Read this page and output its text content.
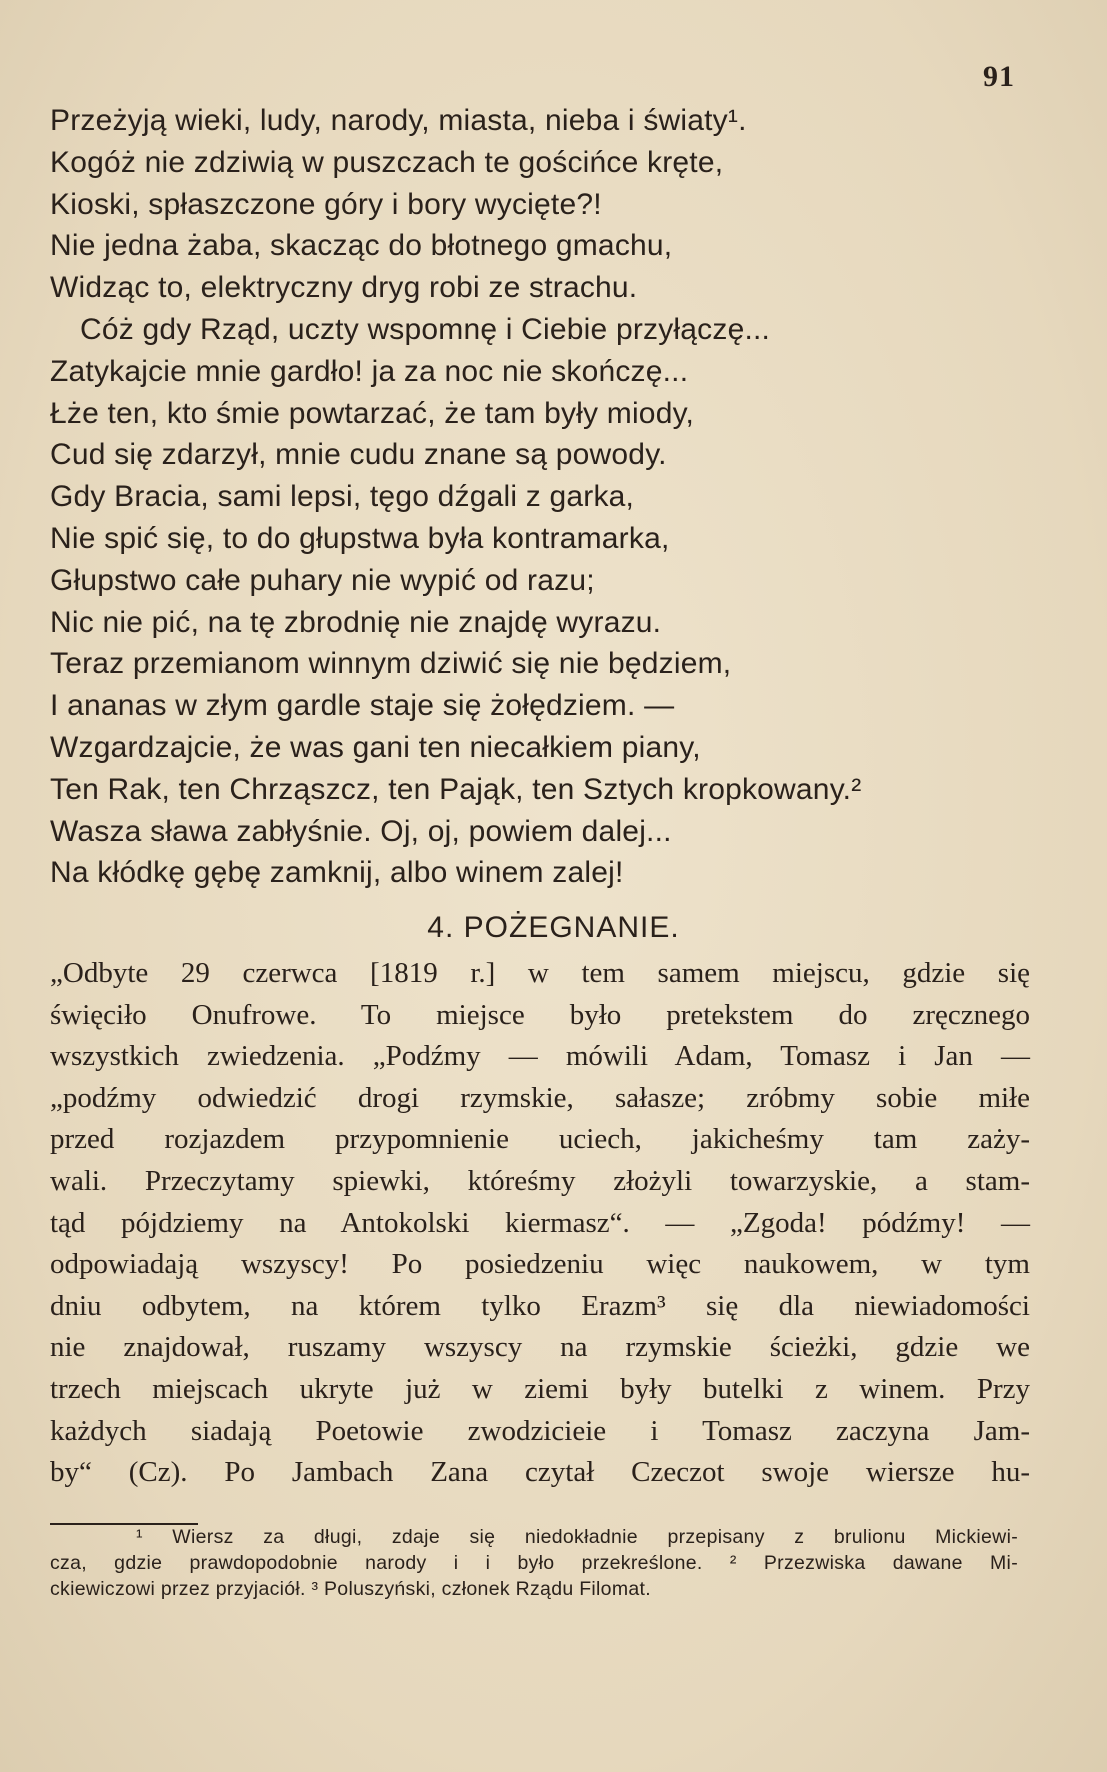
91
Przeżyją wieki, ludy, narody, miasta, nieba i światy¹.
Kogóż nie zdziwią w puszczach te gościńce kręte,
Kioski, spłaszczone góry i bory wycięte?!
Nie jedna żaba, skacząc do błotnego gmachu,
Widząc to, elektryczny dryg robi ze strachu.
Cóż gdy Rząd, uczty wspomnę i Ciebie przyłączę...
Zatykajcie mnie gardło! ja za noc nie skończę...
Łże ten, kto śmie powtarzać, że tam były miody,
Cud się zdarzył, mnie cudu znane są powody.
Gdy Bracia, sami lepsi, tęgo dźgali z garka,
Nie spić się, to do głupstwa była kontramarka,
Głupstwo całe puhary nie wypić od razu;
Nic nie pić, na tę zbrodnię nie znajdę wyrazu.
Teraz przemianom winnym dziwić się nie będziem,
I ananas w złym gardle staje się żołędziem. —
Wzgardzajcie, że was gani ten niecałkiem piany,
Ten Rak, ten Chrząszcz, ten Pająk, ten Sztych kropkowany.²
Wasza sława zabłyśnie. Oj, oj, powiem dalej...
Na kłódkę gębę zamknij, albo winem zalej!
4. POŻEGNANIE.
„Odbyte 29 czerwca [1819 r.] w tem samem miejscu, gdzie się
święciło Onufrowe. To miejsce było pretekstem do zręcznego
wszystkich zwiedzenia. „Podźmy — mówili Adam, Tomasz i Jan —
„podźmy odwiedzić drogi rzymskie, sałasze; zróbmy sobie miłe
przed rozjazdem przypomnienie uciech, jakicheśmy tam zaży-
wali. Przeczytamy spiewki, któreśmy złożyli towarzyskie, a stam-
tąd pójdziemy na Antokolski kiermasz“. — „Zgoda! pódźmy! —
odpowiadają wszyscy! Po posiedzeniu więc naukowem, w tym
dniu odbytem, na którem tylko Erazm³ się dla niewiadomości
nie znajdował, ruszamy wszyscy na rzymskie ścieżki, gdzie we
trzech miejscach ukryte już w ziemi były butelki z winem. Przy
każdych siadają Poetowie zwodzicieie i Tomasz zaczyna Jam-
by“ (Cz). Po Jambach Zana czytał Czeczot swoje wiersze hu-
¹ Wiersz za długi, zdaje się niedokładnie przepisany z brulionu Mickiewi-
cza, gdzie prawdopodobnie narody i i było przekreślone. ² Przezwiska dawane Mi-
ckiewiczowi przez przyjaciół. ³ Poluszyński, członek Rządu Filomat.
